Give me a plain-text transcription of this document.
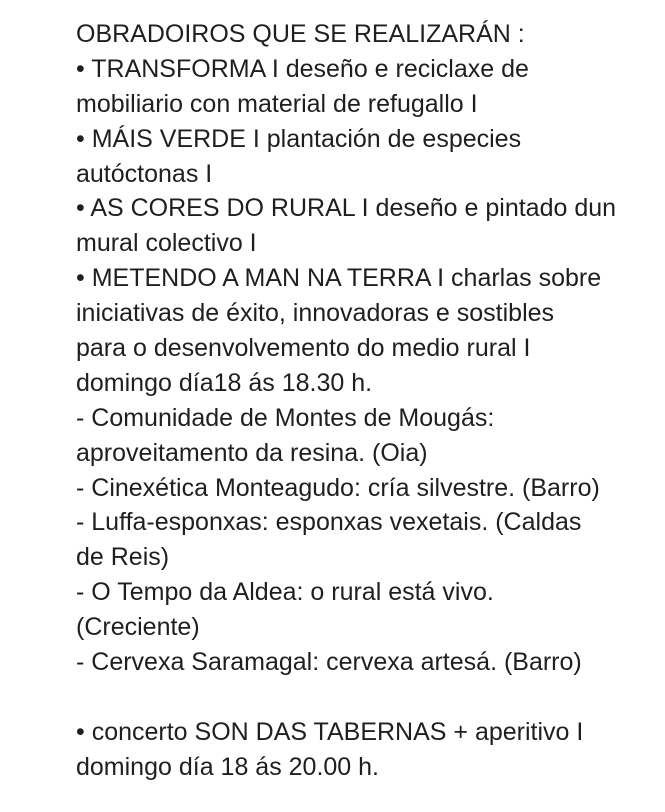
OBRADOIROS QUE SE REALIZARÁN :
• TRANSFORMA I deseño e reciclaxe de
mobiliario con material de refugallo I
• MÁIS VERDE I plantación de especies
autóctonas I
• AS CORES DO RURAL I deseño e pintado dun
mural colectivo I
• METENDO A MAN NA TERRA I charlas sobre
iniciativas de éxito, innovadoras e sostibles
para o desenvolvemento do medio rural I
domingo día18 ás 18.30 h.
- Comunidade de Montes de Mougás:
aproveitamento da resina. (Oia)
- Cinexética Monteagudo: cría silvestre. (Barro)
- Luffa-esponxas: esponxas vexetais. (Caldas
de Reis)
- O Tempo da Aldea: o rural está vivo.
(Creciente)
- Cervexa Saramagal: cervexa artesá. (Barro)
• concerto SON DAS TABERNAS + aperitivo I
domingo día 18 ás 20.00 h.
